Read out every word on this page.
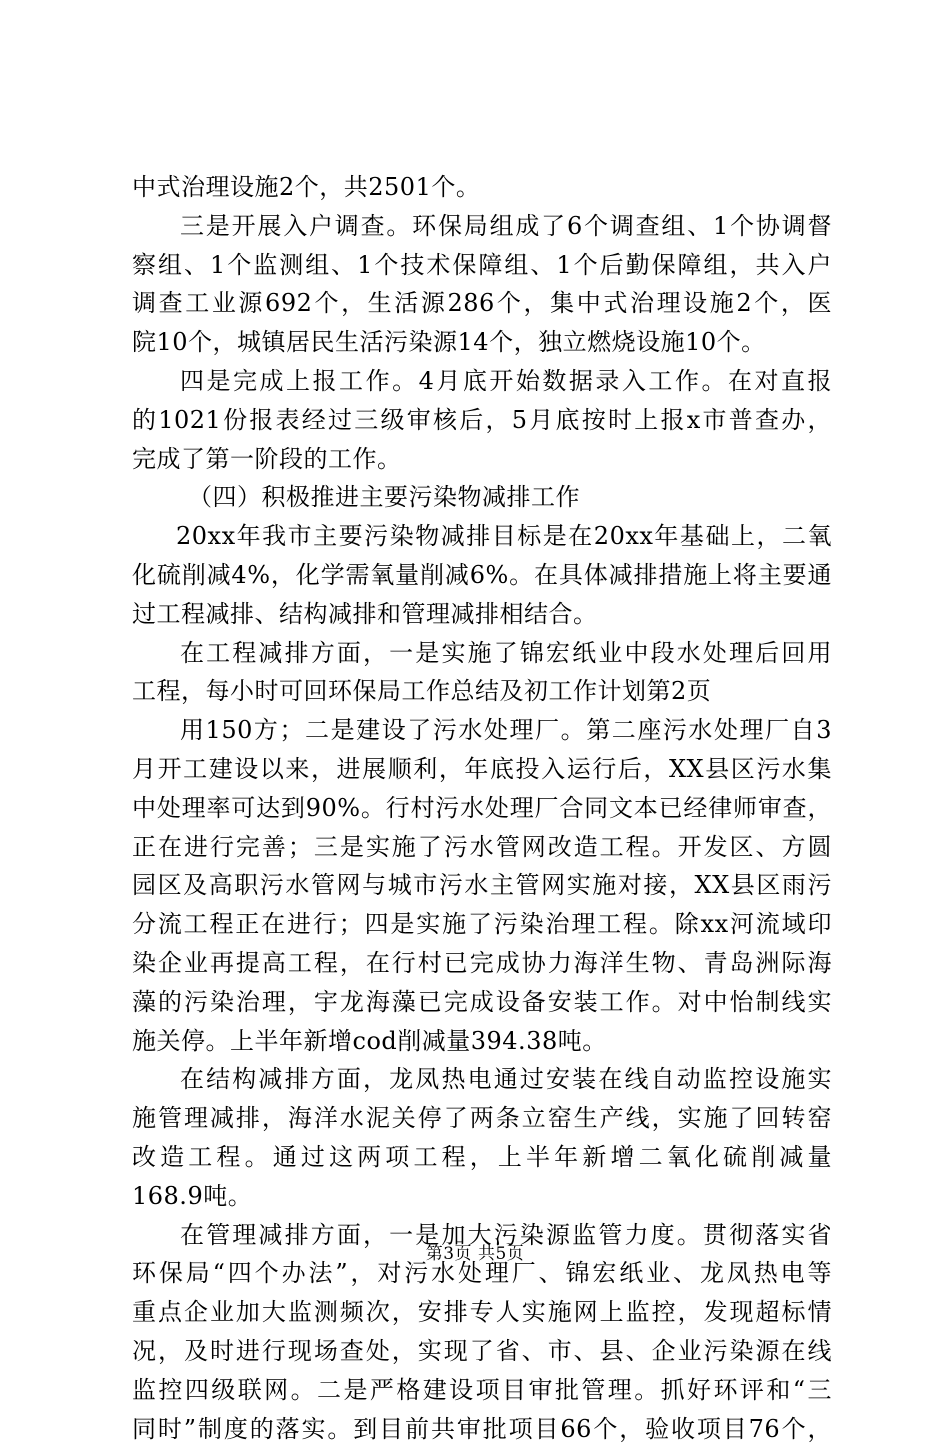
中式治理设施2个，共2501个。
三是开展入户调查。环保局组成了6个调查组、1个协调督
察组、1个监测组、1个技术保障组、1个后勤保障组，共入户
调查工业源692个，生活源286个，集中式治理设施2个，医
院10个，城镇居民生活污染源14个，独立燃烧设施10个。
四是完成上报工作。4月底开始数据录入工作。在对直报
的1021份报表经过三级审核后，5月底按时上报x市普查办，
完成了第一阶段的工作。
（四）积极推进主要污染物减排工作
20xx年我市主要污染物减排目标是在20xx年基础上，二氧
化硫削减4%，化学需氧量削减6%。在具体减排措施上将主要通
过工程减排、结构减排和管理减排相结合。
在工程减排方面，一是实施了锦宏纸业中段水处理后回用
工程，每小时可回环保局工作总结及初工作计划第2页
用150方；二是建设了污水处理厂。第二座污水处理厂自3
月开工建设以来，进展顺利，年底投入运行后，XX县区污水集
中处理率可达到90%。行村污水处理厂合同文本已经律师审查，
正在进行完善；三是实施了污水管网改造工程。开发区、方圆
园区及高职污水管网与城市污水主管网实施对接，XX县区雨污
分流工程正在进行；四是实施了污染治理工程。除xx河流域印
染企业再提高工程，在行村已完成协力海洋生物、青岛洲际海
藻的污染治理，宇龙海藻已完成设备安装工作。对中怡制线实
施关停。上半年新增cod削减量394.38吨。
在结构减排方面，龙凤热电通过安装在线自动监控设施实
施管理减排，海洋水泥关停了两条立窑生产线，实施了回转窑
改造工程。通过这两项工程，上半年新增二氧化硫削减量
168.9吨。
在管理减排方面，一是加大污染源监管力度。贯彻落实省
环保局“四个办法”，对污水处理厂、锦宏纸业、龙凤热电等
重点企业加大监测频次，安排专人实施网上监控，发现超标情
况，及时进行现场查处，实现了省、市、县、企业污染源在线
监控四级联网。二是严格建设项目审批管理。抓好环评和“三
同时”制度的落实。到目前共审批项目66个，验收项目76个，
第3页 共5页
